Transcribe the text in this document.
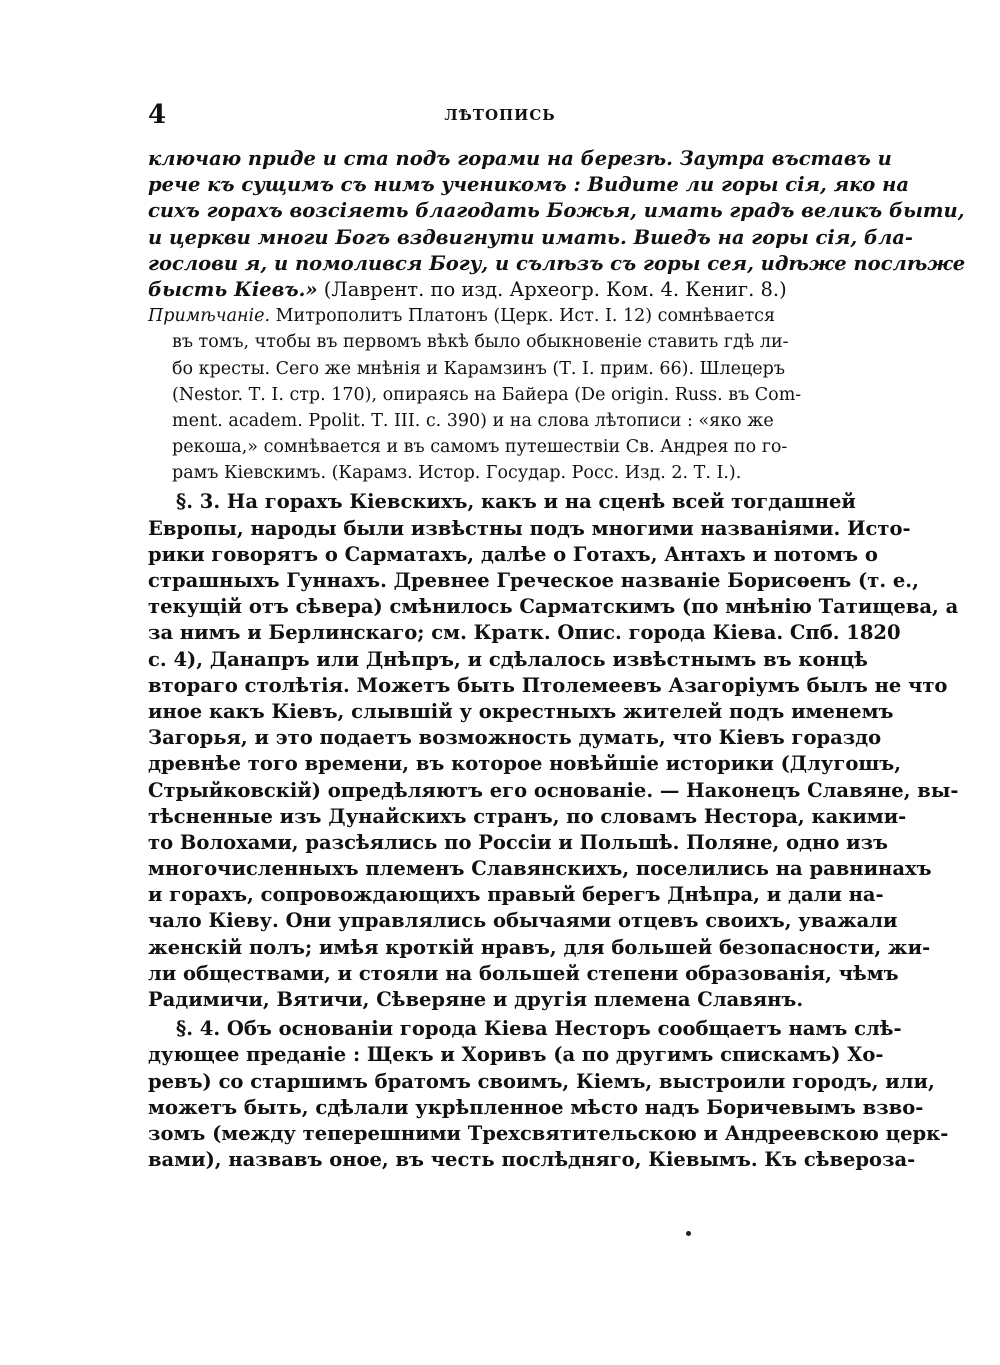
4	ЛѢТОПИСЬ
ключаю приде и ста подъ горами на березѣ. Заутра въставъ и
рече къ сущимъ съ нимъ ученикомъ : Видите ли горы сія, яко на
сихъ горахъ возсіяеть благодать Божья, имать градъ великъ быти,
и церкви многи Богъ вздвигнути имать. Вшедъ на горы сія, бла-
гослови я, и помолився Богу, и сълѣзъ съ горы сея, идѣже послѣже
бысть Кіевъ.» (Лаврент. по изд. Археогр. Ком. 4. Кениг. 8.)
Примѣчаніе. Митрополитъ Платонъ (Церк. Ист. I. 12) сомнѣвается
въ томъ, чтобы въ первомъ вѣкѣ было обыкновеніе ставить гдѣ ли-
бо кресты. Сего же мнѣнія и Карамзинъ (Т. I. прим. 66). Шлецеръ
(Nestor. Т. I. стр. 170), опираясь на Байера (De origin. Russ. въ Com-
ment. academ. Ppolit. Т. III. с. 390) и на слова лѣтописи : «яко же
рекоша,» сомнѣвается и въ самомъ путешествіи Св. Андрея по го-
рамъ Кіевскимъ. (Карамз. Истор. Государ. Росс. Изд. 2. Т. I.).
§. 3. На горахъ Кіевскихъ, какъ и на сценѣ всей тогдашней
Европы, народы были извѣстны подъ многими названіями. Исто-
рики говорятъ о Сарматахъ, далѣе о Готахъ, Антахъ и потомъ о
страшныхъ Гуннахъ. Древнее Греческое названіе Борисѳенъ (т. е.,
текущій отъ сѣвера) смѣнилось Сарматскимъ (по мнѣнію Татищева, а
за нимъ и Берлинскаго; см. Кратк. Опис. города Кіева. Спб. 1820
с. 4), Данапръ или Днѣпръ, и сдѣлалось извѣстнымъ въ концѣ
втораго столѣтія. Можетъ быть Птолемеевъ Азагоріумъ былъ не что
иное какъ Кіевъ, слывшій у окрестныхъ жителей подъ именемъ
Загорья, и это подаетъ возможность думать, что Кіевъ гораздо
древнѣе того времени, въ которое новѣйшіе историки (Длугошъ,
Стрыйковскій) опредѣляютъ его основаніе. — Наконецъ Славяне, вы-
тѣсненные изъ Дунайскихъ странъ, по словамъ Нестора, какими-
то Волохами, разсѣялись по Россіи и Польшѣ. Поляне, одно изъ
многочисленныхъ племенъ Славянскихъ, поселились на равнинахъ
и горахъ, сопровождающихъ правый берегъ Днѣпра, и дали на-
чало Кіеву. Они управлялись обычаями отцевъ своихъ, уважали
женскій полъ; имѣя кроткій нравъ, для большей безопасности, жи-
ли обществами, и стояли на большей степени образованія, чѣмъ
Радимичи, Вятичи, Сѣверяне и другія племена Славянъ.
§. 4. Объ основаніи города Кіева Несторъ сообщаетъ намъ слѣ-
дующее преданіе : Щекъ и Хоривъ (а по другимъ спискамъ) Хо-
ревъ) со старшимъ братомъ своимъ, Кіемъ, выстроили городъ, или,
можетъ быть, сдѣлали укрѣпленное мѣсто надъ Боричевымъ взво-
зомъ (между теперешними Трехсвятительскою и Андреевскою церк-
вами), назвавъ оное, въ честь послѣдняго, Кіевымъ. Къ сѣвероза-
